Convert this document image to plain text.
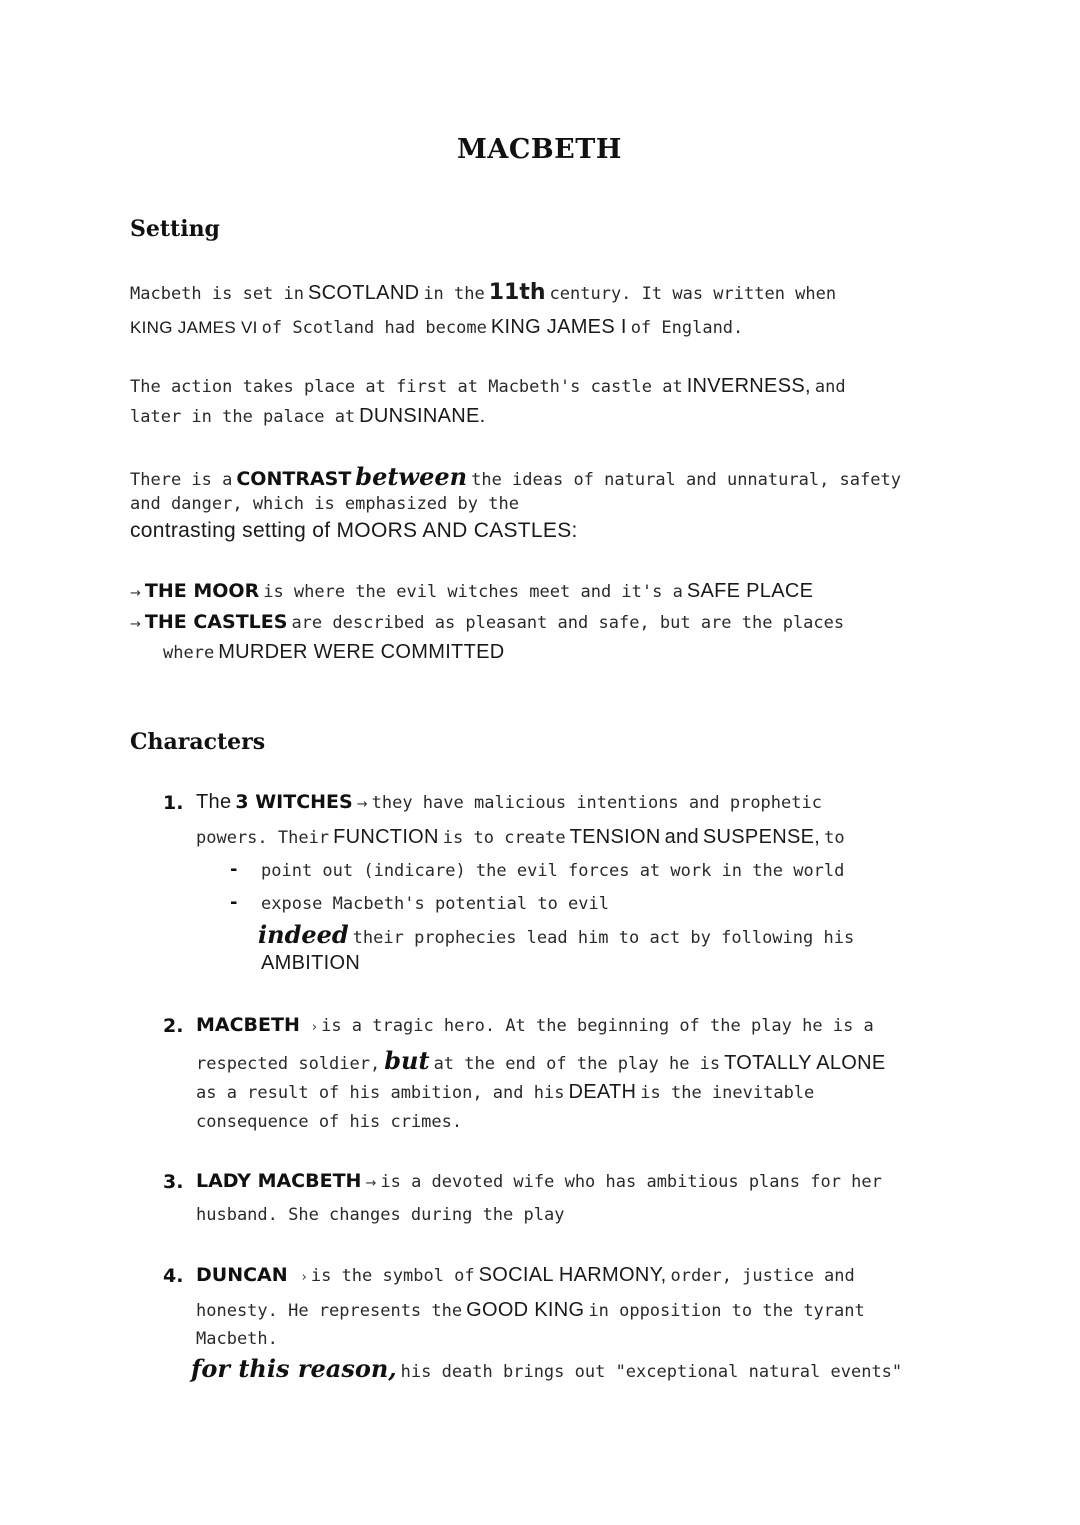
MACBETH
Setting
Macbeth is set in SCOTLAND in the 11th century. It was written when
KING JAMES VI of Scotland had become KING JAMES I of England.
The action takes place at first at Macbeth's castle at INVERNESS, and
later in the palace at DUNSINANE.
There is a CONTRAST between the ideas of natural and unnatural, safety
and danger, which is emphasized by the
contrasting setting of MOORS AND CASTLES:
→ THE MOOR is where the evil witches meet and it's a SAFE PLACE
→ THE CASTLES are described as pleasant and safe, but are the places
where MURDER WERE COMMITTED
Characters
1. The 3 WITCHES → they have malicious intentions and prophetic
powers. Their FUNCTION is to create TENSION and SUSPENSE, to
- point out (indicare) the evil forces at work in the world
- expose Macbeth's potential to evil
indeed their prophecies lead him to act by following his
AMBITION
2. MACBETH › is a tragic hero. At the beginning of the play he is a
respected soldier, but at the end of the play he is TOTALLY ALONE
as a result of his ambition, and his DEATH is the inevitable
consequence of his crimes.
3. LADY MACBETH → is a devoted wife who has ambitious plans for her
husband. She changes during the play
4. DUNCAN › is the symbol of SOCIAL HARMONY, order, justice and
honesty. He represents the GOOD KING in opposition to the tyrant
Macbeth.
for this reason, his death brings out "exceptional natural events"
